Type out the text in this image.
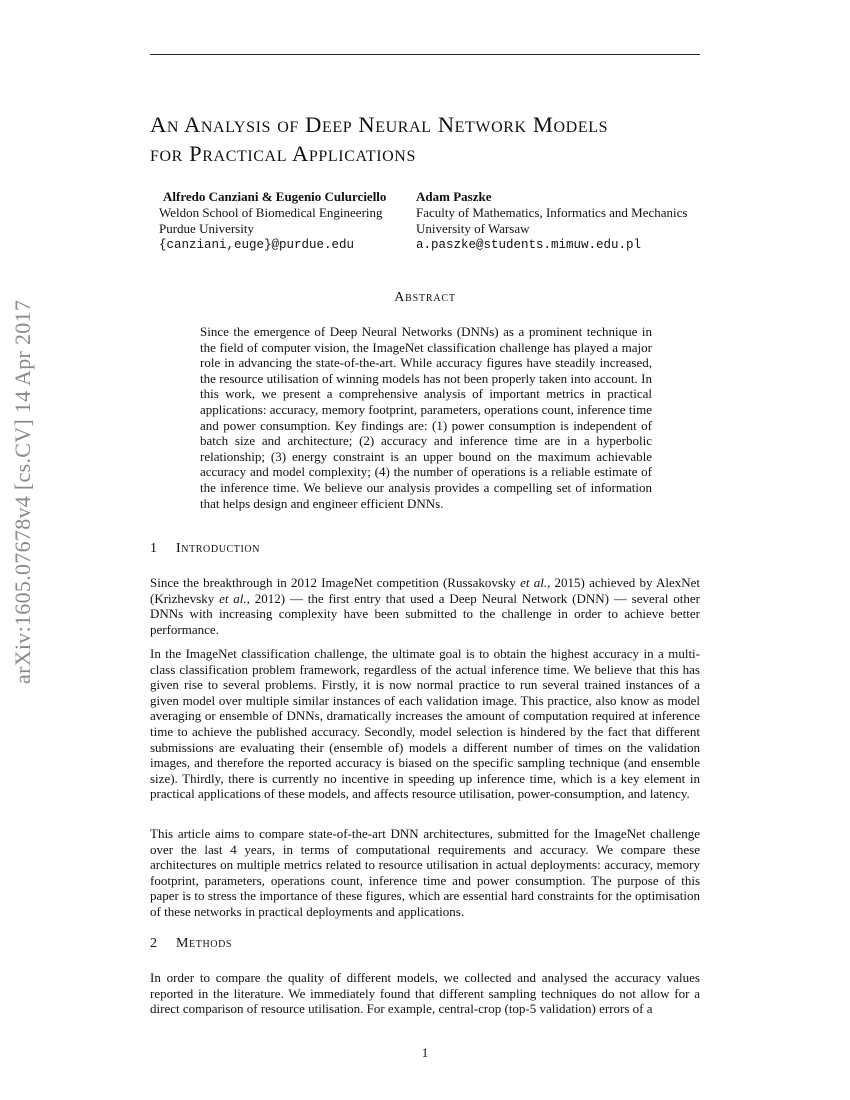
arXiv:1605.07678v4 [cs.CV] 14 Apr 2017
An Analysis of Deep Neural Network Models
for Practical Applications
Alfredo Canziani & Eugenio Culurciello
Weldon School of Biomedical Engineering
Purdue University
{canziani,euge}@purdue.edu
Adam Paszke
Faculty of Mathematics, Informatics and Mechanics
University of Warsaw
a.paszke@students.mimuw.edu.pl
Abstract
Since the emergence of Deep Neural Networks (DNNs) as a prominent technique in the field of computer vision, the ImageNet classification challenge has played a major role in advancing the state-of-the-art. While accuracy figures have steadily increased, the resource utilisation of winning models has not been properly taken into account. In this work, we present a comprehensive analysis of important metrics in practical applications: accuracy, memory footprint, parameters, operations count, inference time and power consumption. Key findings are: (1) power consumption is independent of batch size and architecture; (2) accuracy and inference time are in a hyperbolic relationship; (3) energy constraint is an upper bound on the maximum achievable accuracy and model complexity; (4) the number of operations is a reliable estimate of the inference time. We believe our analysis provides a compelling set of information that helps design and engineer efficient DNNs.
1 Introduction

Since the breakthrough in 2012 ImageNet competition (Russakovsky et al., 2015) achieved by AlexNet (Krizhevsky et al., 2012) — the first entry that used a Deep Neural Network (DNN) — several other DNNs with increasing complexity have been submitted to the challenge in order to achieve better performance.

In the ImageNet classification challenge, the ultimate goal is to obtain the highest accuracy in a multi-class classification problem framework, regardless of the actual inference time. We believe that this has given rise to several problems. Firstly, it is now normal practice to run several trained instances of a given model over multiple similar instances of each validation image. This practice, also know as model averaging or ensemble of DNNs, dramatically increases the amount of computation required at inference time to achieve the published accuracy. Secondly, model selection is hindered by the fact that different submissions are evaluating their (ensemble of) models a different number of times on the validation images, and therefore the reported accuracy is biased on the specific sampling technique (and ensemble size). Thirdly, there is currently no incentive in speeding up inference time, which is a key element in practical applications of these models, and affects resource utilisation, power-consumption, and latency.

This article aims to compare state-of-the-art DNN architectures, submitted for the ImageNet challenge over the last 4 years, in terms of computational requirements and accuracy. We compare these architectures on multiple metrics related to resource utilisation in actual deployments: accuracy, memory footprint, parameters, operations count, inference time and power consumption. The purpose of this paper is to stress the importance of these figures, which are essential hard constraints for the optimisation of these networks in practical deployments and applications.

2 Methods

In order to compare the quality of different models, we collected and analysed the accuracy values reported in the literature. We immediately found that different sampling techniques do not allow for a direct comparison of resource utilisation. For example, central-crop (top-5 validation) errors of a

1
